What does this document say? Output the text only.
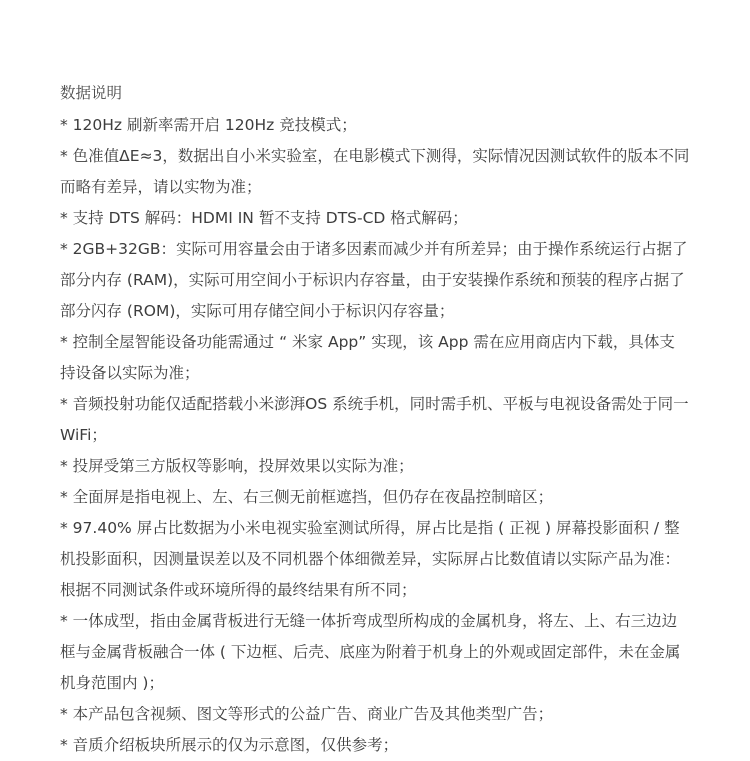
数据说明

* 120Hz 刷新率需开启 120Hz 竞技模式；

* 色准值ΔE≈3，数据出自小米实验室，在电影模式下测得，实际情况因测试软件的版本不同而略有差异，请以实物为准；

* 支持 DTS 解码：HDMI IN 暂不支持 DTS-CD 格式解码；

* 2GB+32GB：实际可用容量会由于诸多因素而减少并有所差异；由于操作系统运行占据了部分内存 (RAM)，实际可用空间小于标识内存容量，由于安装操作系统和预装的程序占据了部分闪存 (ROM)，实际可用存储空间小于标识闪存容量；

* 控制全屋智能设备功能需通过 “ 米家 App” 实现，该 App 需在应用商店内下载，具体支持设备以实际为准；

* 音频投射功能仅适配搭载小米澎湃OS 系统手机，同时需手机、平板与电视设备需处于同一 WiFi；

* 投屏受第三方版权等影响，投屏效果以实际为准；

* 全面屏是指电视上、左、右三侧无前框遮挡，但仍存在夜晶控制暗区；

* 97.40% 屏占比数据为小米电视实验室测试所得，屏占比是指 ( 正视 ) 屏幕投影面积 / 整机投影面积，因测量误差以及不同机器个体细微差异，实际屏占比数值请以实际产品为准：根据不同测试条件或环境所得的最终结果有所不同；

* 一体成型，指由金属背板进行无缝一体折弯成型所构成的金属机身，将左、上、右三边边框与金属背板融合一体 ( 下边框、后壳、底座为附着于机身上的外观或固定部件，未在金属机身范围内 )；

* 本产品包含视频、图文等形式的公益广告、商业广告及其他类型广告；

* 音质介绍板块所展示的仅为示意图，仅供参考；
